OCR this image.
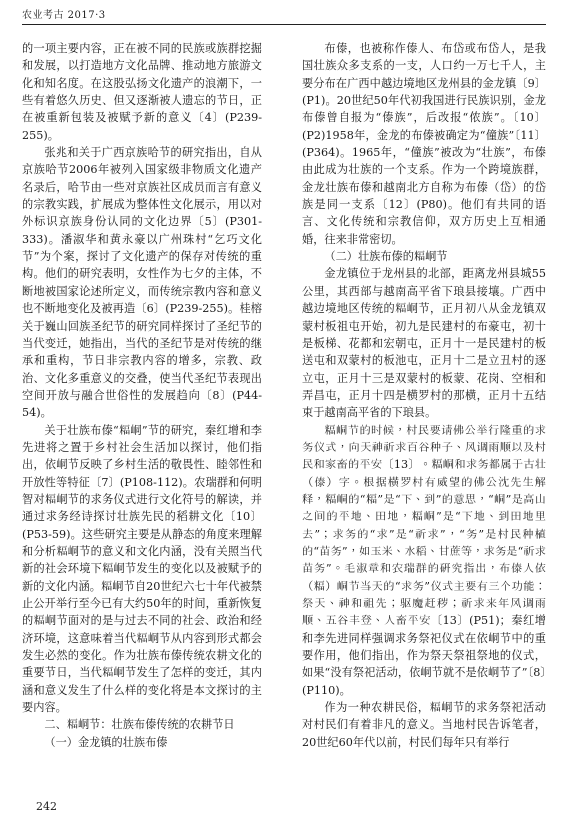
农业考古 2017·3

的一项主要内容，正在被不同的民族或族群挖掘和发展，以打造地方文化品牌、推动地方旅游文化和知名度。在这股弘扬文化遗产的浪潮下，一些有着悠久历史、但又逐渐被人遗忘的节日，正在被重新包装及被赋予新的意义〔4〕(P239-255)。

张兆和关于广西京族哈节的研究指出，自从京族哈节2006年被列入国家级非物质文化遗产名录后，哈节由一些对京族社区成员而言有意义的宗教实践，扩展成为整体性文化展示，用以对外标识京族身份认同的文化边界〔5〕(P301-333)。潘淑华和黄永豪以广州珠村“乞巧文化节”为个案，探讨了文化遗产的保存对传统的重构。他们的研究表明，女性作为七夕的主体，不断地被国家论述所定义，而传统宗教内容和意义也不断地变化及被再造〔6〕(P239-255)。桂榕关于巍山回族圣纪节的研究同样探讨了圣纪节的当代变迁，她指出，当代的圣纪节是对传统的继承和重构，节日非宗教内容的增多，宗教、政治、文化多重意义的交叠，使当代圣纪节表现出空间开放与融合世俗性的发展趋向〔8〕(P44-54)。

关于壮族布傣“𥻅峒”节的研究，秦红增和李先进将之置于乡村社会生活加以探讨，他们指出，依峒节反映了乡村生活的敬畏性、睦邻性和开放性等特征〔7〕(P108-112)。农瑞群和何明智对𥻅峒节的求务仪式进行文化符号的解读，并通过求务经诗探讨壮族先民的稻耕文化〔10〕(P53-59)。这些研究主要是从静态的角度来理解和分析𥻅峒节的意义和文化内涵，没有关照当代新的社会环境下𥻅峒节发生的变化以及被赋予的新的文化内涵。𥻅峒节自20世纪六七十年代被禁止公开举行至今已有大约50年的时间，重新恢复的𥻅峒节面对的是与过去不同的社会、政治和经济环境，这意味着当代𥻅峒节从内容到形式都会发生必然的变化。作为壮族布傣传统农耕文化的重要节日，当代𥻅峒节发生了怎样的变迁，其内涵和意义发生了什么样的变化将是本文探讨的主要内容。

二、𥻅峒节：壮族布傣传统的农耕节日

（一）金龙镇的壮族布傣

布傣，也被称作傣人、布岱或布岱人，是我国壮族众多支系的一支，人口约一万七千人，主要分布在广西中越边境地区龙州县的金龙镇〔9〕(P1)。20世纪50年代初我国进行民族识别，金龙布傣曾自报为“傣族”，后改报“侬族”。〔10〕(P2)1958年，金龙的布傣被确定为“僮族”〔11〕(P364)。1965年，“僮族”被改为“壮族”，布傣由此成为壮族的一个支系。作为一个跨境族群，金龙壮族布傣和越南北方自称为布傣（岱）的岱族是同一支系〔12〕(P80)。他们有共同的语言、文化传统和宗教信仰，双方历史上互相通婚，往来非常密切。

（二）壮族布傣的𥻅峒节

金龙镇位于龙州县的北部，距离龙州县城55公里，其西部与越南高平省下琅县接壤。广西中越边境地区传统的𥻅峒节，正月初八从金龙镇双蒙村板祖屯开始，初九是民建村的布豪屯，初十是板梯、花都和宏朝屯，正月十一是民建村的板送屯和双蒙村的板池屯，正月十二是立丑村的逐立屯，正月十三是双蒙村的板蒙、花岗、空相和弄昌屯，正月十四是横罗村的那横，正月十五结束于越南高平省的下琅县。

𥻅峒节的时候，村民要请佛公举行隆重的求务仪式，向天神祈求百谷种子、风调雨顺以及村民和家畜的平安〔13〕。𥻅峒和求务都属于古壮（傣）字。根据横罗村有威望的佛公沈先生解释，𥻅峒的“𥻅”是“下、到”的意思，“峒”是高山之间的平地、田地，𥻅峒”是“下地、到田地里去”；求务的“求”是“祈求”，“务”是村民种植的“苗务”，如玉米、水稻、甘蔗等，求务是“祈求苗务”。毛淑章和农瑞群的研究指出，布傣人依（𥻅）峒节当天的“求务”仪式主要有三个功能：祭天、神和祖先；驱魔赶秽；祈求来年风调雨顺、五谷丰登、人畜平安〔13〕(P51)；秦红增和李先进同样强调求务祭祀仪式在依峒节中的重要作用，他们指出，作为祭天祭祖祭地的仪式，如果“没有祭祀活动，依峒节就不是依峒节了”〔8〕(P110)。

作为一种农耕民俗，𥻅峒节的求务祭祀活动对村民们有着非凡的意义。当地村民告诉笔者，20世纪60年代以前，村民们每年只有举行

242
